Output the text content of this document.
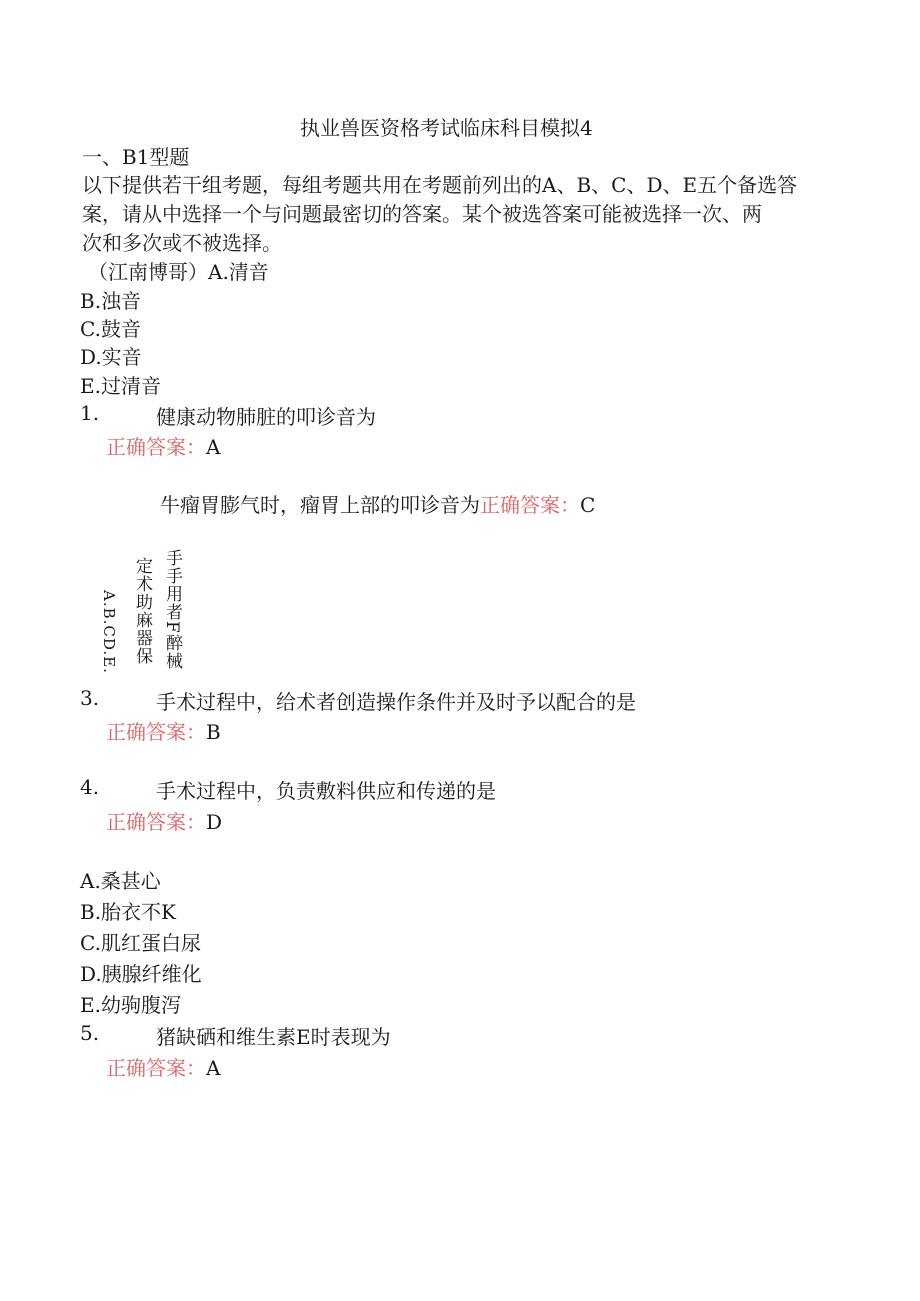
执业兽医资格考试临床科目模拟4
一、B1型题
以下提供若干组考题，每组考题共用在考题前列出的A、B、C、D、E五个备选答
案，请从中选择一个与问题最密切的答案。某个被选答案可能被选择一次、两
次和多次或不被选择。
（江南博哥）A.清音
B.浊音
C.鼓音
D.实音
E.过清音
1.	健康动物肺脏的叩诊音为
正确答案：A
牛瘤胃膨气时，瘤胃上部的叩诊音为正确答案：C
A.B.CD.E. 定术助麻器保 手手用者F醉械
3.	手术过程中，给术者创造操作条件并及时予以配合的是
正确答案：B
4.	手术过程中，负责敷料供应和传递的是
正确答案：D
A.桑甚心
B.胎衣不K
C.肌红蛋白尿
D.胰腺纤维化
E.幼驹腹泻
5.	猪缺硒和维生素E时表现为
正确答案：A
